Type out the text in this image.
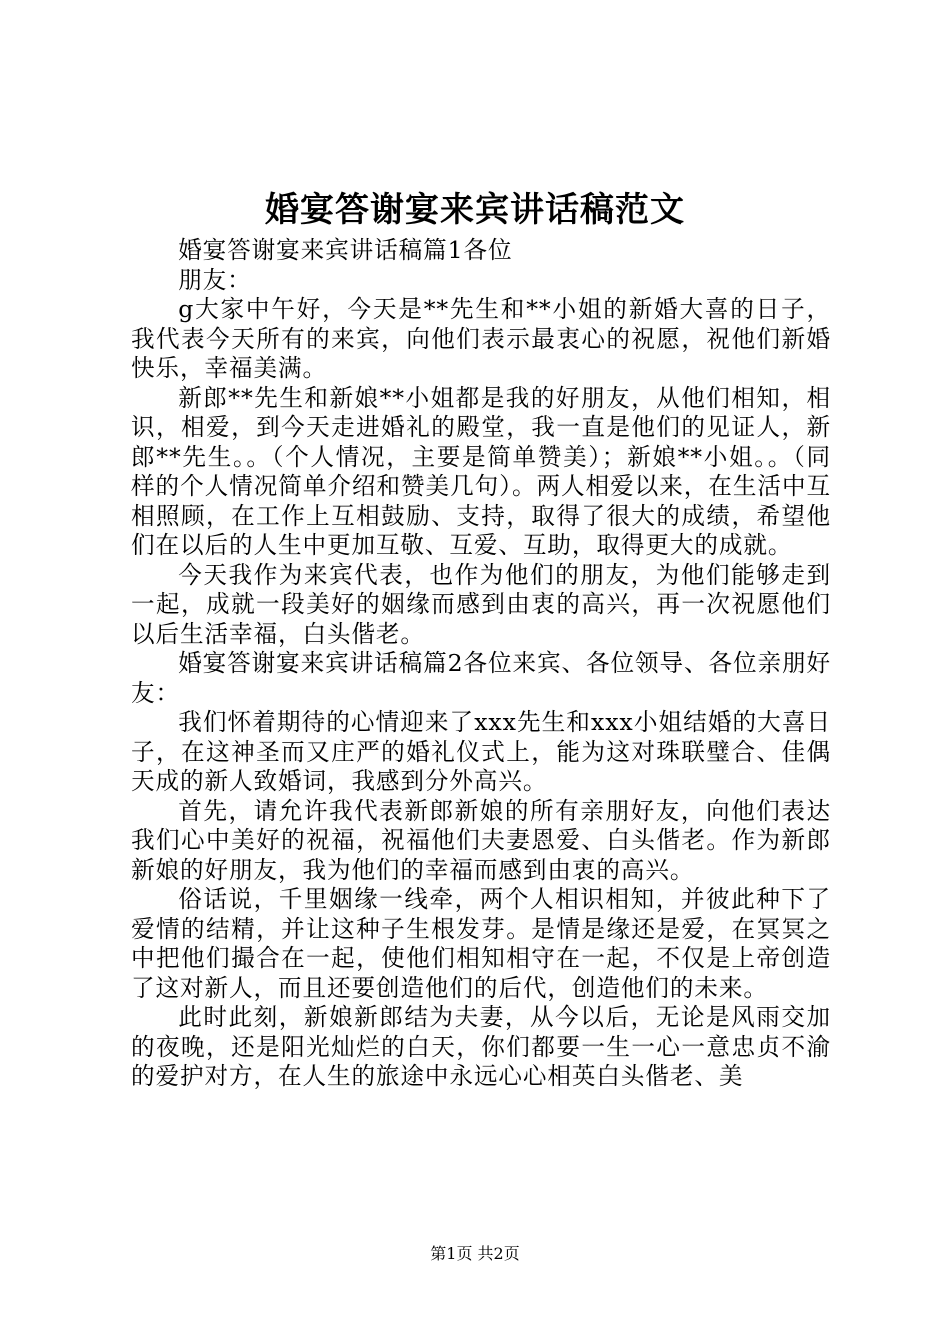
婚宴答谢宴来宾讲话稿范文

婚宴答谢宴来宾讲话稿篇1各位

朋友：

g大家中午好，今天是**先生和**小姐的新婚大喜的日子，我代表今天所有的来宾，向他们表示最衷心的祝愿，祝他们新婚快乐，幸福美满。

新郎**先生和新娘**小姐都是我的好朋友，从他们相知，相识，相爱，到今天走进婚礼的殿堂，我一直是他们的见证人，新郎**先生。。（个人情况，主要是简单赞美）；新娘**小姐。。（同样的个人情况简单介绍和赞美几句）。两人相爱以来，在生活中互相照顾，在工作上互相鼓励、支持，取得了很大的成绩，希望他们在以后的人生中更加互敬、互爱、互助，取得更大的成就。

今天我作为来宾代表，也作为他们的朋友，为他们能够走到一起，成就一段美好的姻缘而感到由衷的高兴，再一次祝愿他们以后生活幸福，白头偕老。

婚宴答谢宴来宾讲话稿篇2各位来宾、各位领导、各位亲朋好友：

我们怀着期待的心情迎来了xxx先生和xxx小姐结婚的大喜日子，在这神圣而又庄严的婚礼仪式上，能为这对珠联璧合、佳偶天成的新人致婚词，我感到分外高兴。

首先，请允许我代表新郎新娘的所有亲朋好友，向他们表达我们心中美好的祝福，祝福他们夫妻恩爱、白头偕老。作为新郎新娘的好朋友，我为他们的幸福而感到由衷的高兴。

俗话说，千里姻缘一线牵，两个人相识相知，并彼此种下了爱情的结精，并让这种子生根发芽。是情是缘还是爱，在冥冥之中把他们撮合在一起，使他们相知相守在一起，不仅是上帝创造了这对新人，而且还要创造他们的后代，创造他们的未来。

此时此刻，新娘新郎结为夫妻，从今以后，无论是风雨交加的夜晚，还是阳光灿烂的白天，你们都要一生一心一意忠贞不渝的爱护对方，在人生的旅途中永远心心相英白头偕老、美

第1页 共2页
